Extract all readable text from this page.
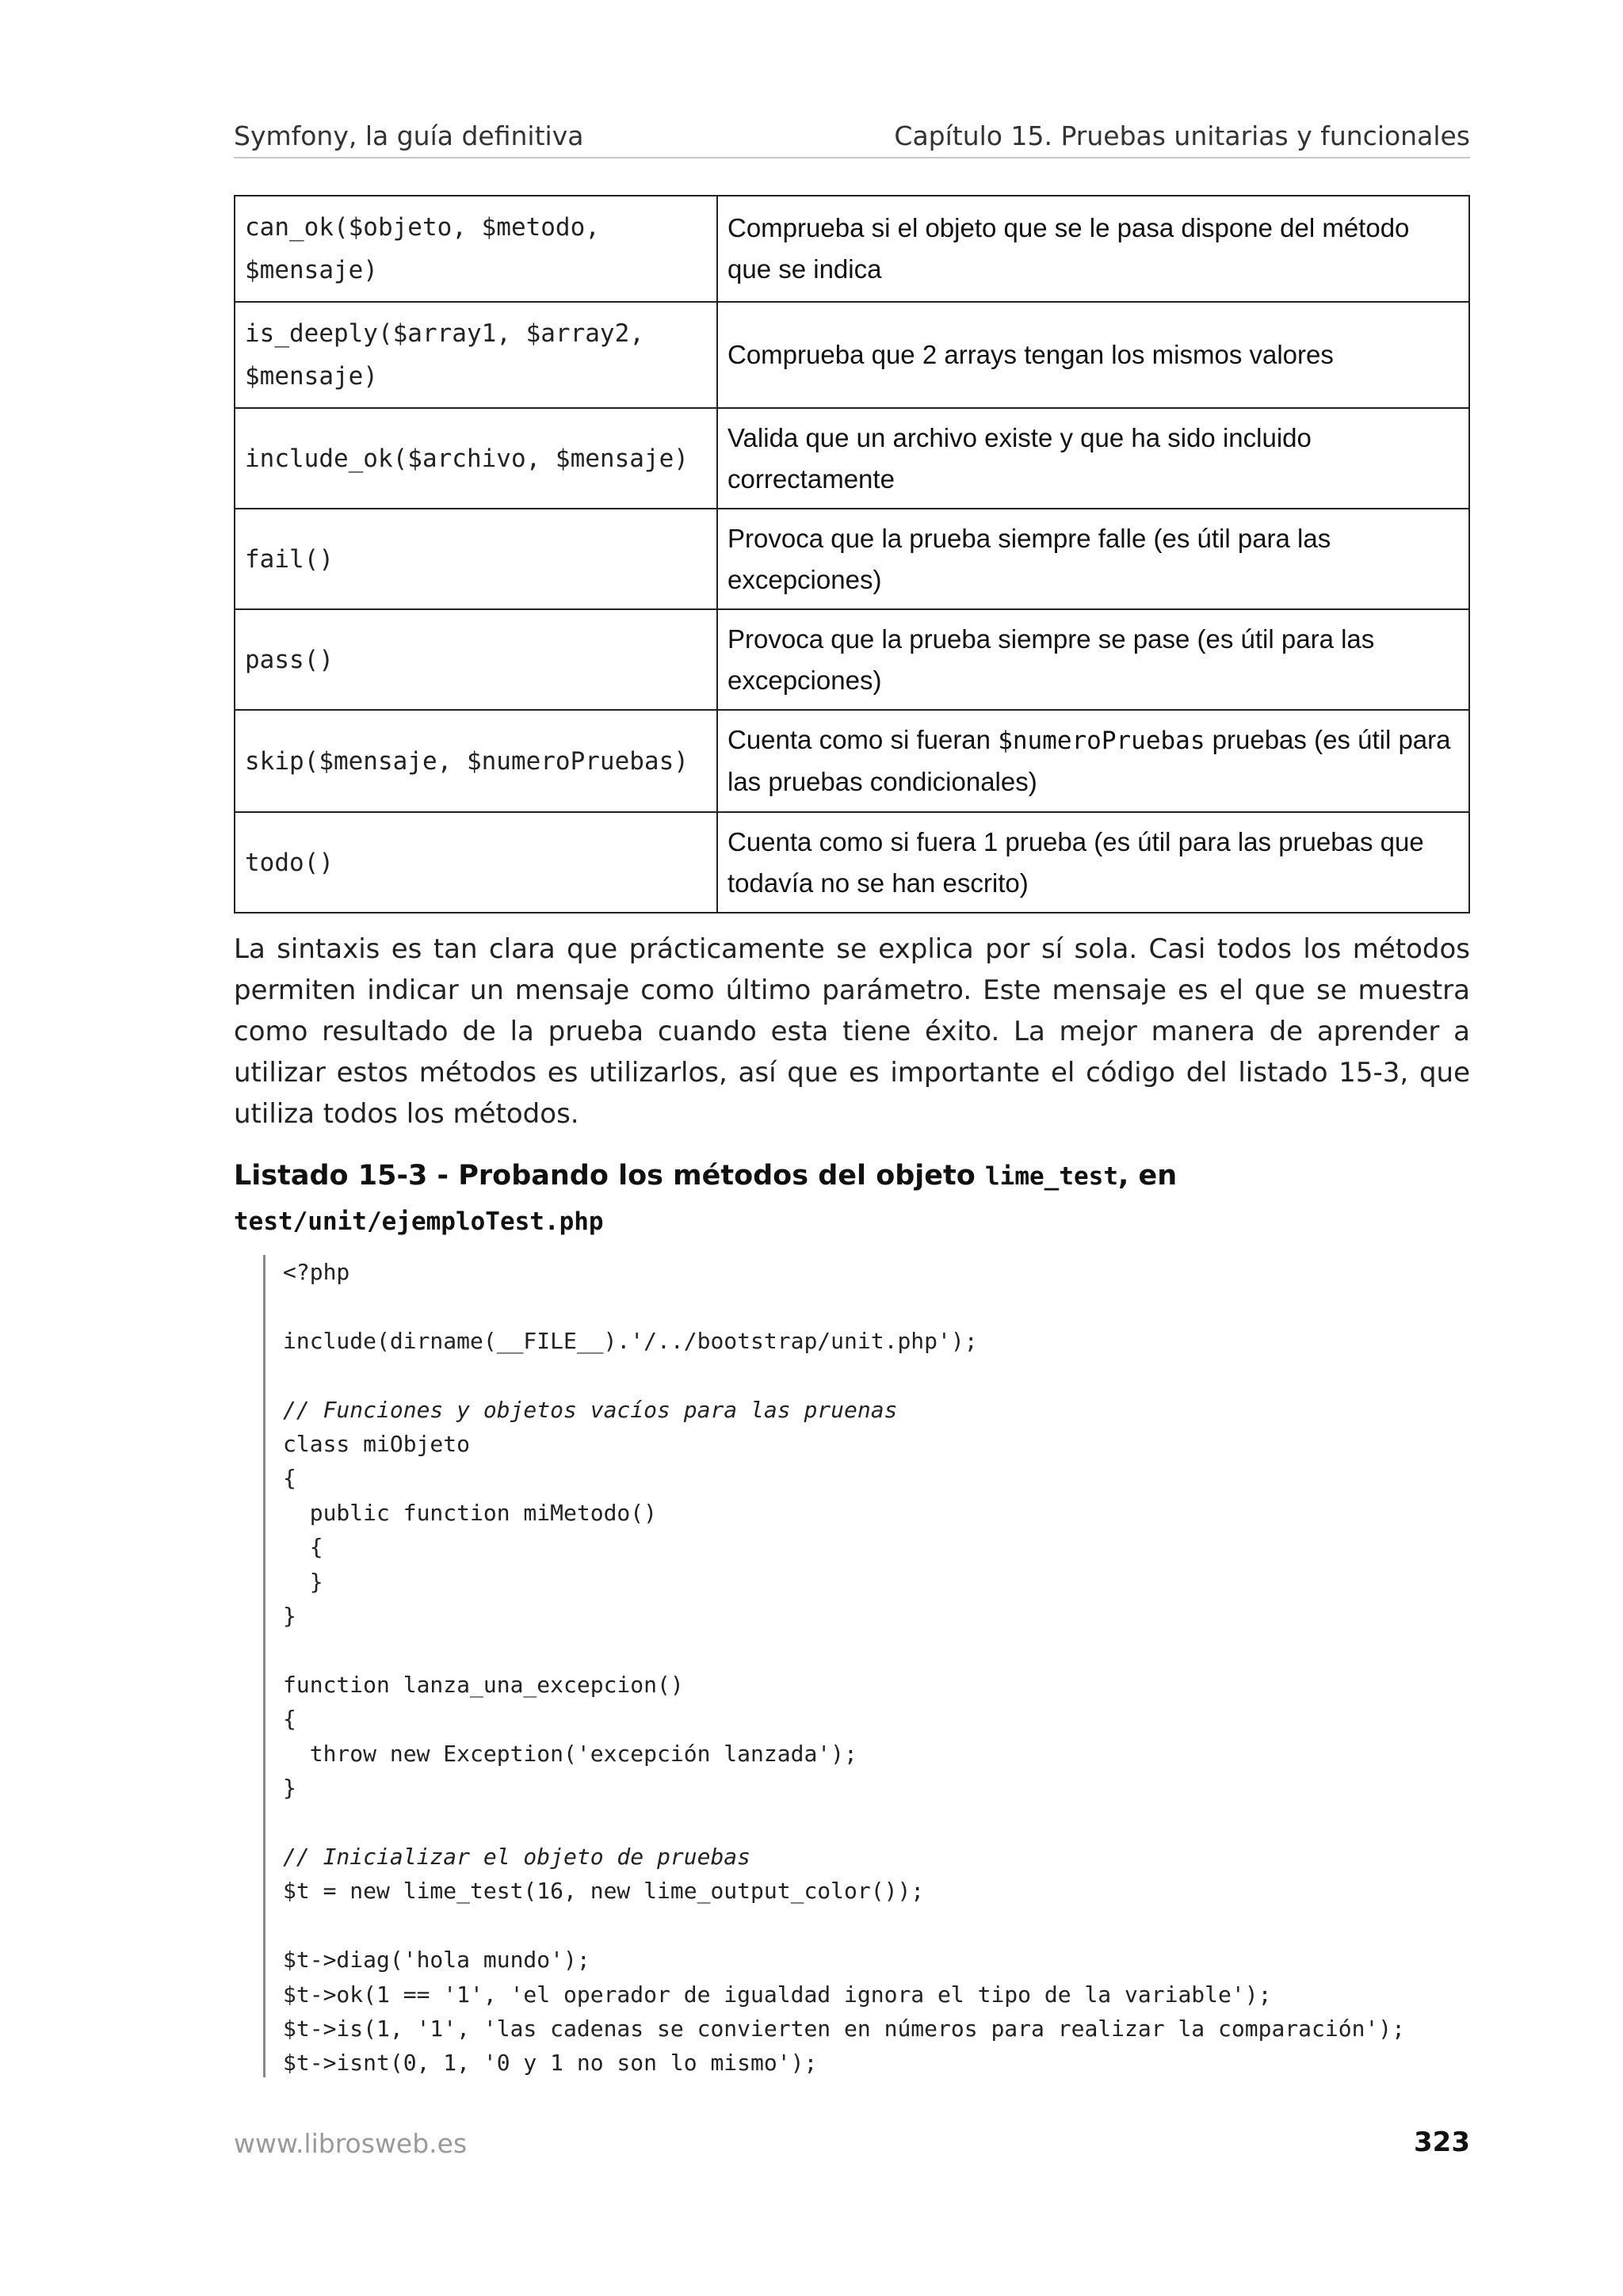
Symfony, la guía definitiva	Capítulo 15. Pruebas unitarias y funcionales
can_ok($objeto, $metodo,
$mensaje)	Comprueba si el objeto que se le pasa dispone del método que se indica
is_deeply($array1, $array2,
$mensaje)	Comprueba que 2 arrays tengan los mismos valores
include_ok($archivo, $mensaje)	Valida que un archivo existe y que ha sido incluido correctamente
fail()	Provoca que la prueba siempre falle (es útil para las excepciones)
pass()	Provoca que la prueba siempre se pase (es útil para las excepciones)
skip($mensaje, $numeroPruebas)	Cuenta como si fueran $numeroPruebas pruebas (es útil para las pruebas condicionales)
todo()	Cuenta como si fuera 1 prueba (es útil para las pruebas que todavía no se han escrito)

La sintaxis es tan clara que prácticamente se explica por sí sola. Casi todos los métodos permiten indicar un mensaje como último parámetro. Este mensaje es el que se muestra como resultado de la prueba cuando esta tiene éxito. La mejor manera de aprender a utilizar estos métodos es utilizarlos, así que es importante el código del listado 15-3, que utiliza todos los métodos.

Listado 15-3 - Probando los métodos del objeto lime_test, en test/unit/ejemploTest.php

<?php

include(dirname(__FILE__).'/../bootstrap/unit.php');

// Funciones y objetos vacíos para las pruenas
class miObjeto
{
public function miMetodo()
{
}
}

function lanza_una_excepcion()
{
throw new Exception('excepción lanzada');
}

// Inicializar el objeto de pruebas
$t = new lime_test(16, new lime_output_color());

$t->diag('hola mundo');
$t->ok(1 == '1', 'el operador de igualdad ignora el tipo de la variable');
$t->is(1, '1', 'las cadenas se convierten en números para realizar la comparación');
$t->isnt(0, 1, '0 y 1 no son lo mismo');
www.librosweb.es	323
